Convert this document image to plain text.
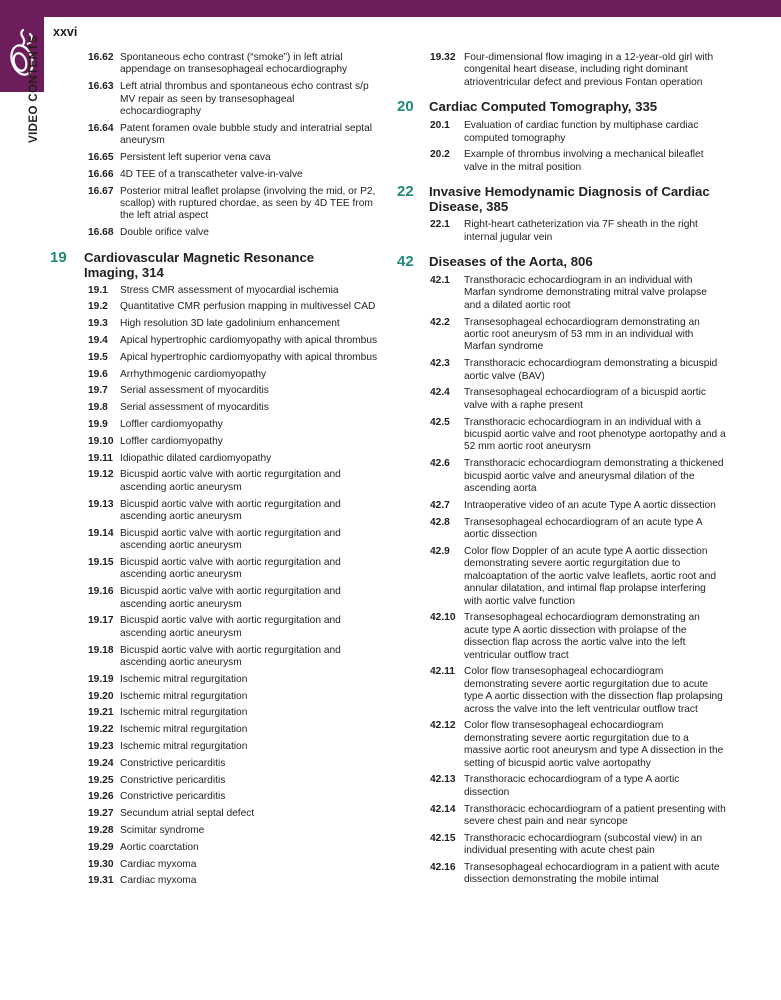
xxvi
VIDEO CONTENTS	16.62 Spontaneous echo contrast (“smoke”) in left atrial appendage on transesophageal echocardiography
16.63 Left atrial thrombus and spontaneous echo contrast s/p MV repair as seen by transesophageal echocardiography
16.64 Patent foramen ovale bubble study and interatrial septal aneurysm
16.65 Persistent left superior vena cava
16.66 4D TEE of a transcatheter valve-in-valve
16.67 Posterior mitral leaflet prolapse (involving the mid, or P2, scallop) with ruptured chordae, as seen by 4D TEE from the left atrial aspect
16.68 Double orifice valve
19	Cardiovascular Magnetic Resonance Imaging, 314
19.1	Stress CMR assessment of myocardial ischemia
19.2	Quantitative CMR perfusion mapping in multivessel CAD
19.3	High resolution 3D late gadolinium enhancement
19.4	Apical hypertrophic cardiomyopathy with apical thrombus
19.5	Apical hypertrophic cardiomyopathy with apical thrombus
19.6	Arrhythmogenic cardiomyopathy
19.7	Serial assessment of myocarditis
19.8	Serial assessment of myocarditis
19.9	Loffler cardiomyopathy
19.10 Loffler cardiomyopathy
19.11 Idiopathic dilated cardiomyopathy
19.12 Bicuspid aortic valve with aortic regurgitation and ascending aortic aneurysm
19.13 Bicuspid aortic valve with aortic regurgitation and ascending aortic aneurysm
19.14 Bicuspid aortic valve with aortic regurgitation and ascending aortic aneurysm
19.15 Bicuspid aortic valve with aortic regurgitation and ascending aortic aneurysm
19.16 Bicuspid aortic valve with aortic regurgitation and ascending aortic aneurysm
19.17 Bicuspid aortic valve with aortic regurgitation and ascending aortic aneurysm
19.18 Bicuspid aortic valve with aortic regurgitation and ascending aortic aneurysm
19.19 Ischemic mitral regurgitation
19.20 Ischemic mitral regurgitation
19.21 Ischemic mitral regurgitation
19.22 Ischemic mitral regurgitation
19.23 Ischemic mitral regurgitation
19.24 Constrictive pericarditis
19.25 Constrictive pericarditis
19.26 Constrictive pericarditis
19.27 Secundum atrial septal defect
19.28 Scimitar syndrome
19.29 Aortic coarctation
19.30 Cardiac myxoma
19.31 Cardiac myxoma
19.32 Four-dimensional flow imaging in a 12-year-old girl with congenital heart disease, including right dominant atrioventricular defect and previous Fontan operation
20	Cardiac Computed Tomography, 335
20.1	Evaluation of cardiac function by multiphase cardiac computed tomography
20.2	Example of thrombus involving a mechanical bileaflet valve in the mitral position
22	Invasive Hemodynamic Diagnosis of Cardiac Disease, 385
22.1	Right-heart catheterization via 7F sheath in the right internal jugular vein
42	Diseases of the Aorta, 806
42.1	Transthoracic echocardiogram in an individual with Marfan syndrome demonstrating mitral valve prolapse and a dilated aortic root
42.2	Transesophageal echocardiogram demonstrating an aortic root aneurysm of 53 mm in an individual with Marfan syndrome
42.3	Transthoracic echocardiogram demonstrating a bicuspid aortic valve (BAV)
42.4	Transesophageal echocardiogram of a bicuspid aortic valve with a raphe present
42.5	Transthoracic echocardiogram in an individual with a bicuspid aortic valve and root phenotype aortopathy and a 52 mm aortic root aneurysm
42.6	Transthoracic echocardiogram demonstrating a thickened bicuspid aortic valve and aneurysmal dilation of the ascending aorta
42.7	Intraoperative video of an acute Type A aortic dissection
42.8	Transesophageal echocardiogram of an acute type A aortic dissection
42.9	Color flow Doppler of an acute type A aortic dissection demonstrating severe aortic regurgitation due to malcoaptation of the aortic valve leaflets, aortic root and annular dilatation, and intimal flap prolapse interfering with aortic valve function
42.10 Transesophageal echocardiogram demonstrating an acute type A aortic dissection with prolapse of the dissection flap across the aortic valve into the left ventricular outflow tract
42.11 Color flow transesophageal echocardiogram demonstrating severe aortic regurgitation due to acute type A aortic dissection with the dissection flap prolapsing across the valve into the left ventricular outflow tract
42.12 Color flow transesophageal echocardiogram demonstrating severe aortic regurgitation due to a massive aortic root aneurysm and type A dissection in the setting of bicuspid aortic valve aortopathy
42.13 Transthoracic echocardiogram of a type A aortic dissection
42.14 Transthoracic echocardiogram of a patient presenting with severe chest pain and near syncope
42.15 Transthoracic echocardiogram (subcostal view) in an individual presenting with acute chest pain
42.16 Transesophageal echocardiogram in a patient with acute dissection demonstrating the mobile intimal
